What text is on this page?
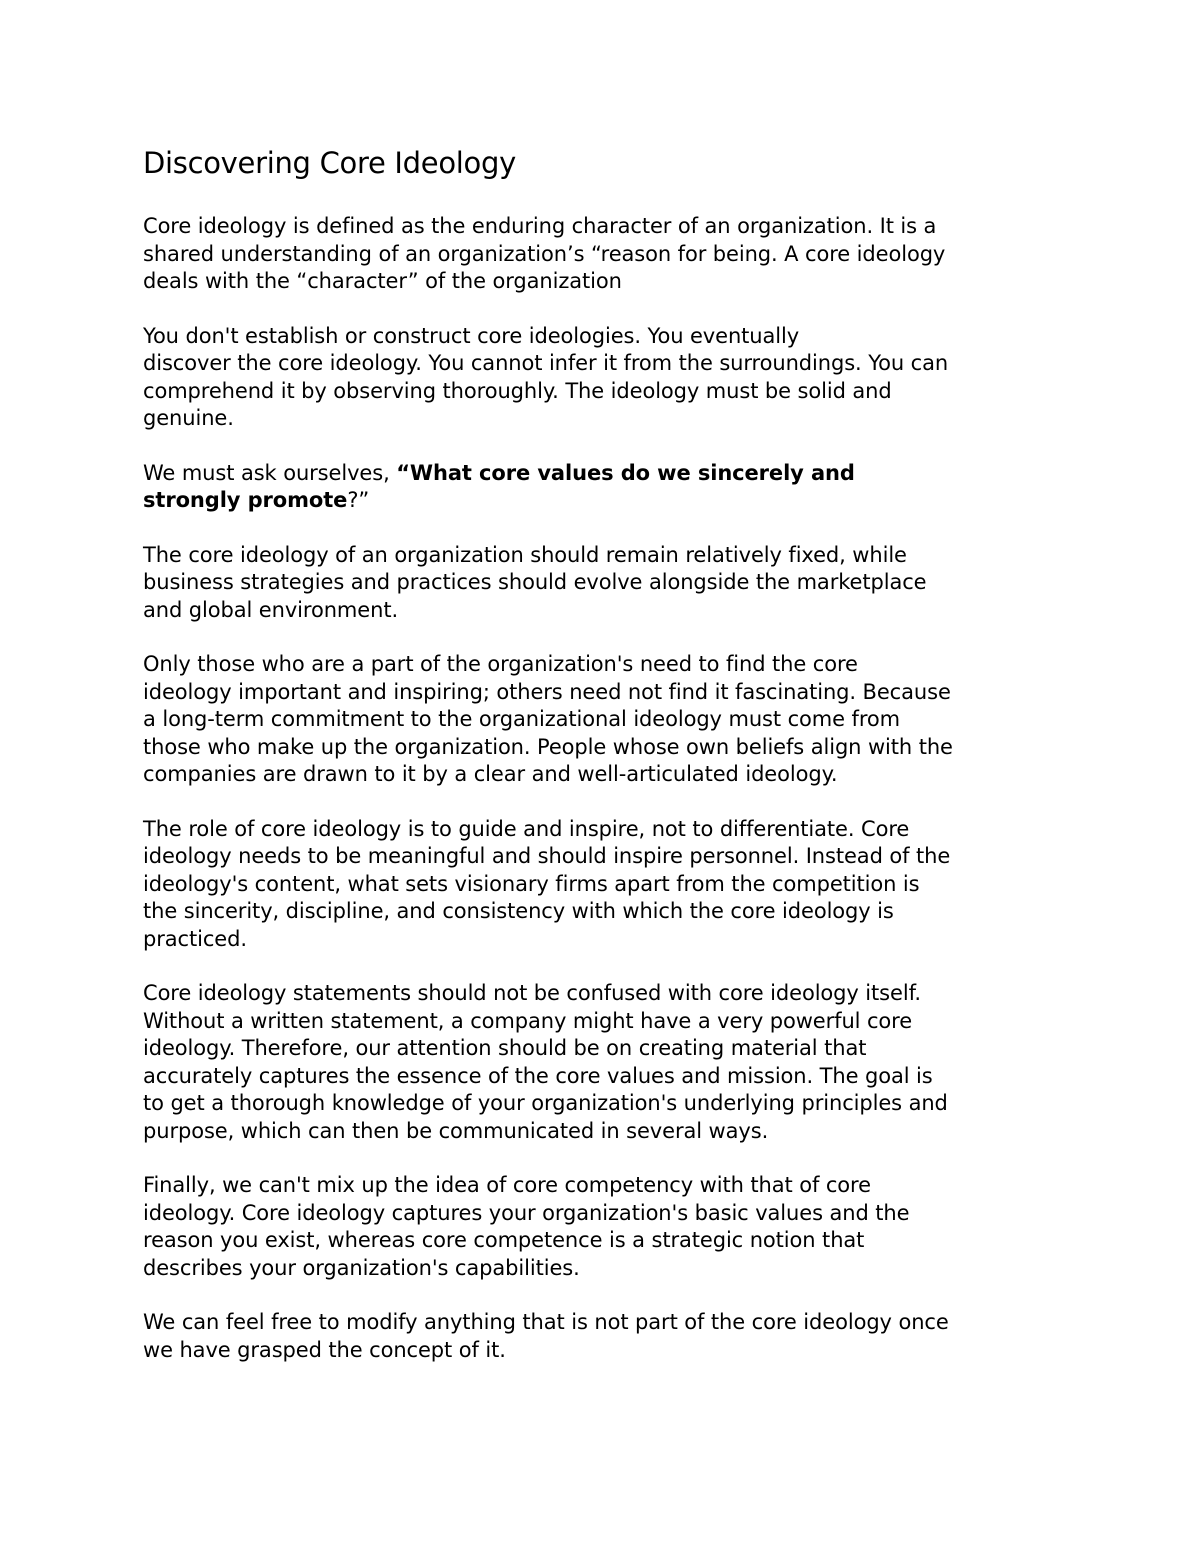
Discovering Core Ideology

Core ideology is defined as the enduring character of an organization. It is a
shared understanding of an organization’s “reason for being. A core ideology
deals with the “character” of the organization

You don't establish or construct core ideologies. You eventually
discover the core ideology. You cannot infer it from the surroundings. You can
comprehend it by observing thoroughly. The ideology must be solid and
genuine.

We must ask ourselves, “What core values do we sincerely and
strongly promote?”

The core ideology of an organization should remain relatively fixed, while
business strategies and practices should evolve alongside the marketplace
and global environment.

Only those who are a part of the organization's need to find the core
ideology important and inspiring; others need not find it fascinating. Because
a long-term commitment to the organizational ideology must come from
those who make up the organization. People whose own beliefs align with the
companies are drawn to it by a clear and well-articulated ideology.

The role of core ideology is to guide and inspire, not to differentiate. Core
ideology needs to be meaningful and should inspire personnel. Instead of the
ideology's content, what sets visionary firms apart from the competition is
the sincerity, discipline, and consistency with which the core ideology is
practiced.

Core ideology statements should not be confused with core ideology itself.
Without a written statement, a company might have a very powerful core
ideology. Therefore, our attention should be on creating material that
accurately captures the essence of the core values and mission. The goal is
to get a thorough knowledge of your organization's underlying principles and
purpose, which can then be communicated in several ways.

Finally, we can't mix up the idea of core competency with that of core
ideology. Core ideology captures your organization's basic values and the
reason you exist, whereas core competence is a strategic notion that
describes your organization's capabilities.

We can feel free to modify anything that is not part of the core ideology once
we have grasped the concept of it.
